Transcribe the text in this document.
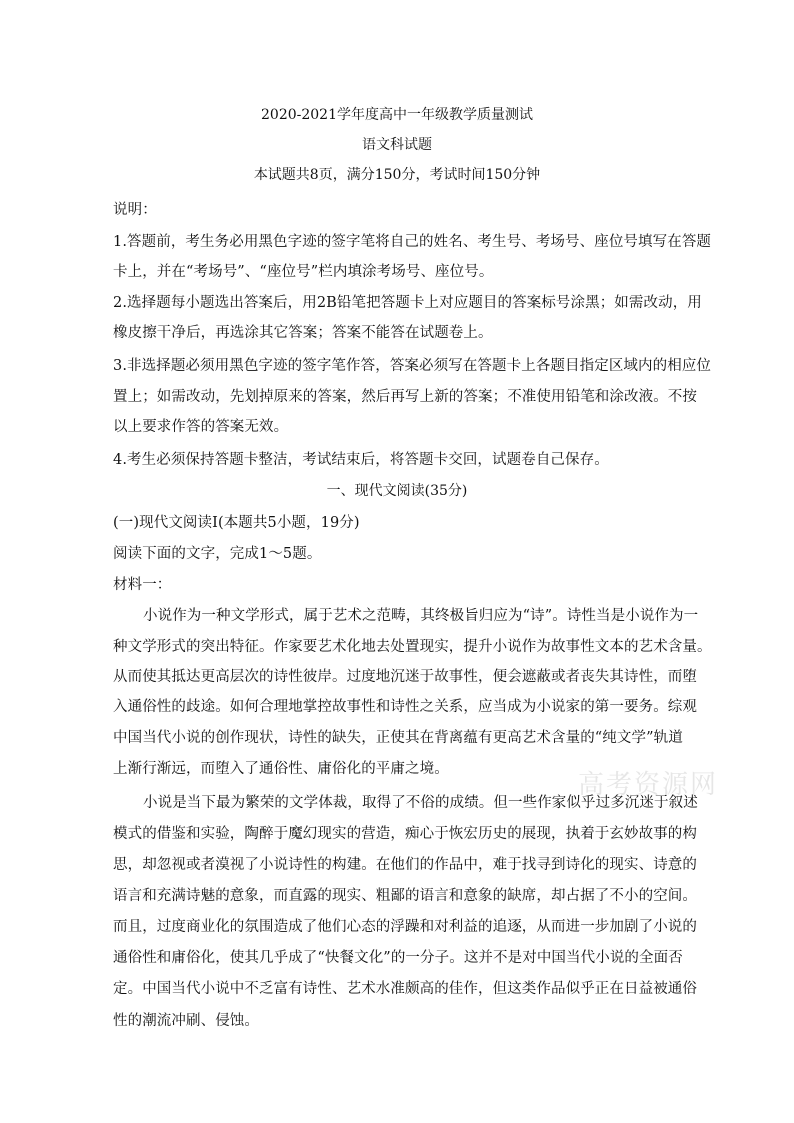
2020-2021学年度高中一年级教学质量测试
语文科试题
本试题共8页，满分150分，考试时间150分钟
说明：
1.答题前，考生务必用黑色字迹的签字笔将自己的姓名、考生号、考场号、座位号填写在答题
卡上，并在“考场号”、“座位号”栏内填涂考场号、座位号。
2.选择题每小题选出答案后，用2B铅笔把答题卡上对应题目的答案标号涂黑；如需改动，用
橡皮擦干净后，再选涂其它答案；答案不能答在试题卷上。
3.非选择题必须用黑色字迹的签字笔作答，答案必须写在答题卡上各题目指定区域内的相应位
置上；如需改动，先划掉原来的答案，然后再写上新的答案；不准使用铅笔和涂改液。不按
以上要求作答的答案无效。
4.考生必须保持答题卡整洁，考试结束后，将答题卡交回，试题卷自己保存。
一、现代文阅读(35分)
(一)现代文阅读I(本题共5小题，19分)
阅读下面的文字，完成1～5题。
材料一：
小说作为一种文学形式，属于艺术之范畴，其终极旨归应为“诗”。诗性当是小说作为一
种文学形式的突出特征。作家要艺术化地去处置现实，提升小说作为故事性文本的艺术含量。
从而使其抵达更高层次的诗性彼岸。过度地沉迷于故事性，便会遮蔽或者丧失其诗性，而堕
入通俗性的歧途。如何合理地掌控故事性和诗性之关系，应当成为小说家的第一要务。综观
中国当代小说的创作现状，诗性的缺失，正使其在背离蕴有更高艺术含量的“纯文学”轨道
上渐行渐远，而堕入了通俗性、庸俗化的平庸之境。
小说是当下最为繁荣的文学体裁，取得了不俗的成绩。但一些作家似乎过多沉迷于叙述
模式的借鉴和实验，陶醉于魔幻现实的营造，痴心于恢宏历史的展现，执着于玄妙故事的构
思，却忽视或者漠视了小说诗性的构建。在他们的作品中，难于找寻到诗化的现实、诗意的
语言和充满诗魅的意象，而直露的现实、粗鄙的语言和意象的缺席，却占据了不小的空间。
而且，过度商业化的氛围造成了他们心态的浮躁和对利益的追逐，从而进一步加剧了小说的
通俗性和庸俗化，使其几乎成了“快餐文化”的一分子。这并不是对中国当代小说的全面否
定。中国当代小说中不乏富有诗性、艺术水准颇高的佳作，但这类作品似乎正在日益被通俗
性的潮流冲刷、侵蚀。
高考资源网
